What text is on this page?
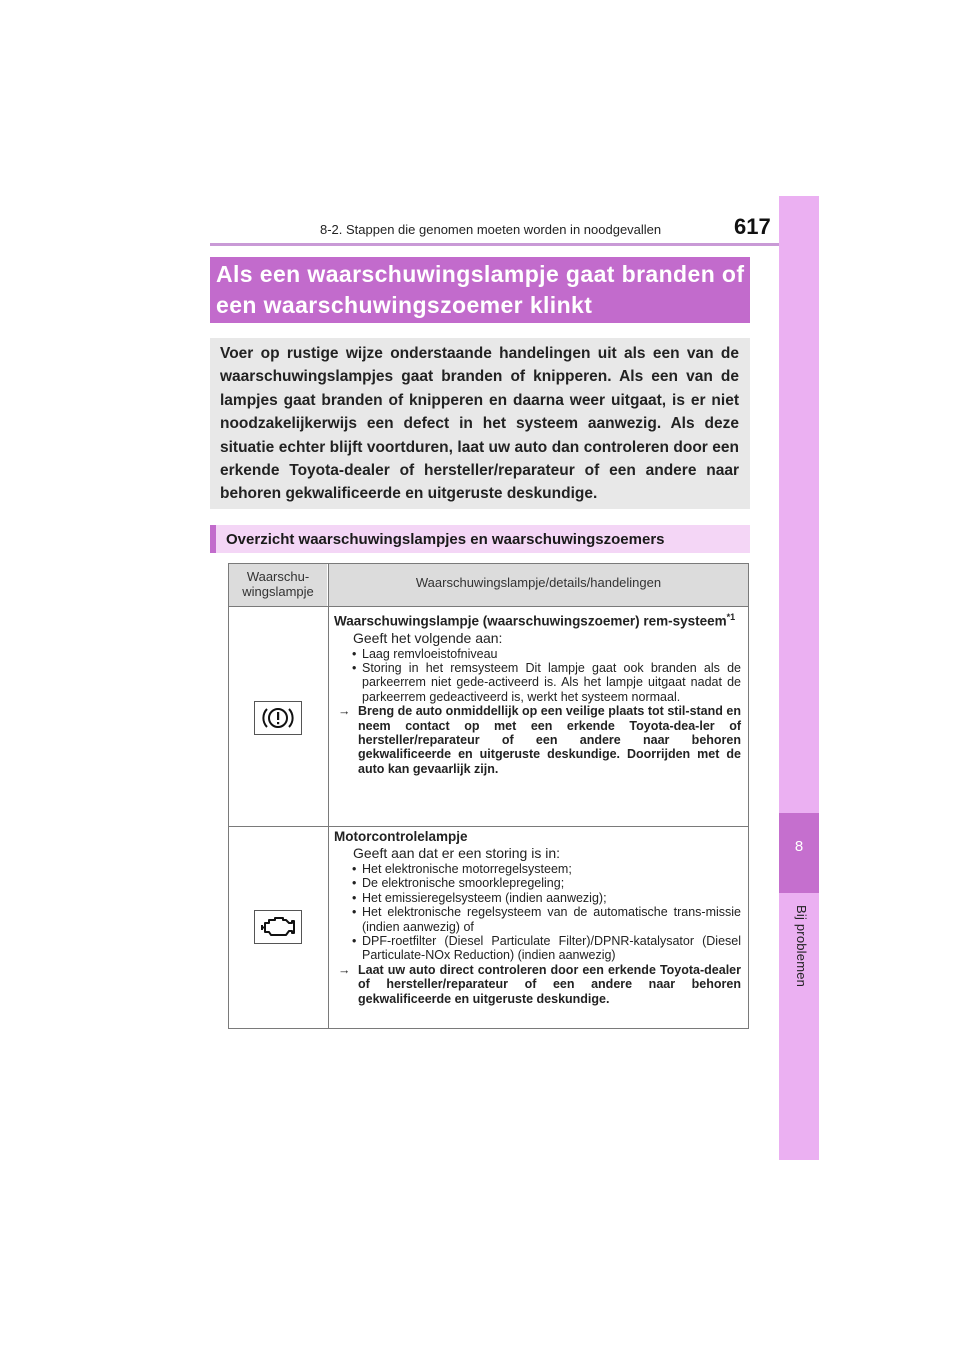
8-2. Stappen die genomen moeten worden in noodgevallen	617
8
Bij problemen
Als een waarschuwingslampje gaat branden of een waarschuwingszoemer klinkt
Voer op rustige wijze onderstaande handelingen uit als een van de waarschuwingslampjes gaat branden of knipperen. Als een van de lampjes gaat branden of knipperen en daarna weer uitgaat, is er niet noodzakelijkerwijs een defect in het systeem aanwezig. Als deze situatie echter blijft voortduren, laat uw auto dan controleren door een erkende Toyota-dealer of hersteller/reparateur of een andere naar behoren gekwalificeerde en uitgeruste deskundige.
Overzicht waarschuwingslampjes en waarschuwingszoemers
Waarschu-
wingslampje
Waarschuwingslampje/details/handelingen
Waarschuwingslampje (waarschuwingszoemer) rem-systeem$^{*1}$
Geeft het volgende aan:
• Laag remvloeistofniveau
• Storing in het remsysteem Dit lampje gaat ook branden als de parkeerrem niet gede-activeerd is. Als het lampje uitgaat nadat de parkeerrem gedeactiveerd is, werkt het systeem normaal.
→ Breng de auto onmiddellijk op een veilige plaats tot stil-stand en neem contact op met een erkende Toyota-dea-ler of hersteller/reparateur of een andere naar behoren gekwalificeerde en uitgeruste deskundige. Doorrijden met de auto kan gevaarlijk zijn.
Motorcontrolelampje
Geeft aan dat er een storing is in:
• Het elektronische motorregelsysteem;
• De elektronische smoorklepregeling;
• Het emissieregelsysteem (indien aanwezig);
• Het elektronische regelsysteem van de automatische trans-missie (indien aanwezig) of
• DPF-roetfilter (Diesel Particulate Filter)/DPNR-katalysator (Diesel Particulate-NOx Reduction) (indien aanwezig)
→ Laat uw auto direct controleren door een erkende Toyota-dealer of hersteller/reparateur of een andere naar behoren gekwalificeerde en uitgeruste deskundige.
